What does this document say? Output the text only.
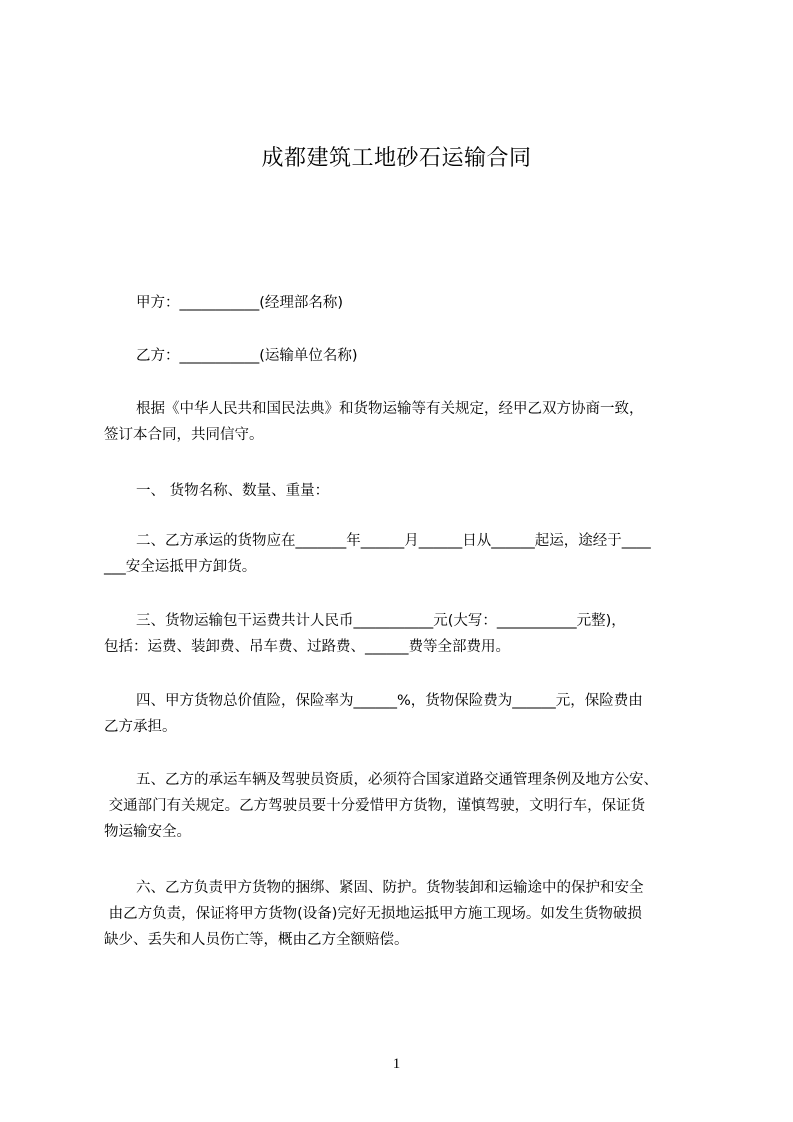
成都建筑工地砂石运输合同
甲方：___________(经理部名称)
乙方：___________(运输单位名称)
根据《中华人民共和国民法典》和货物运输等有关规定，经甲乙双方协商一致，
签订本合同，共同信守。
一、 货物名称、数量、重量：
二、乙方承运的货物应在_______年______月______日从______起运，途经于____
___安全运抵甲方卸货。
三、货物运输包干运费共计人民币___________元(大写：___________元整)，
包括：运费、装卸费、吊车费、过路费、______费等全部费用。
四、甲方货物总价值险，保险率为______%，货物保险费为______元，保险费由
乙方承担。
五、乙方的承运车辆及驾驶员资质，必须符合国家道路交通管理条例及地方公安、
交通部门有关规定。乙方驾驶员要十分爱惜甲方货物，谨慎驾驶，文明行车，保证货
物运输安全。
六、乙方负责甲方货物的捆绑、紧固、防护。货物装卸和运输途中的保护和安全
由乙方负责，保证将甲方货物(设备)完好无损地运抵甲方施工现场。如发生货物破损
缺少、丢失和人员伤亡等，概由乙方全额赔偿。
1
